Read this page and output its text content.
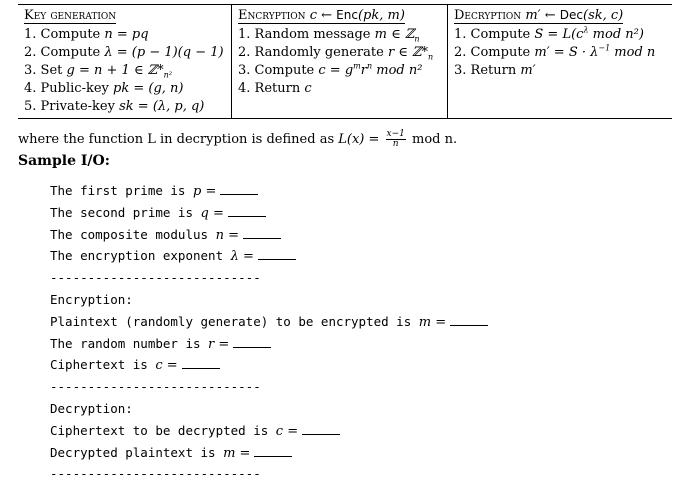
Key generation
1. Compute n = pq
2. Compute λ = (p − 1)(q − 1)
3. Set g = n + 1 ∈ $ℤ*_{n^2}$
4. Public-key pk = (g, n)
5. Private-key sk = (λ, p, q)
Encryption c ← Enc(pk, m)
1. Random message m ∈ ℤ$_n$
2. Randomly generate r ∈ $ℤ*_n$
3. Compute $c = g^mr^n$ mod n²
4. Return c
Decryption m′ ← Dec(sk, c)
1. Compute $S = L(c^\lambda$ mod n²)
2. Compute $m' = S \cdot \lambda^{-1}$ mod n
3. Return m′
where the function L in decryption is defined as $L(x) = \frac{x-1}{n}$ mod n.
Sample I/O:
The first prime is p =
The second prime is q =
The composite modulus n =
The encryption exponent λ =
----------------------------
Encryption:
Plaintext (randomly generate) to be encrypted is m =
The random number is r =
Ciphertext is c =
----------------------------
Decryption:
Ciphertext to be decrypted is c =
Decrypted plaintext is m =
----------------------------
